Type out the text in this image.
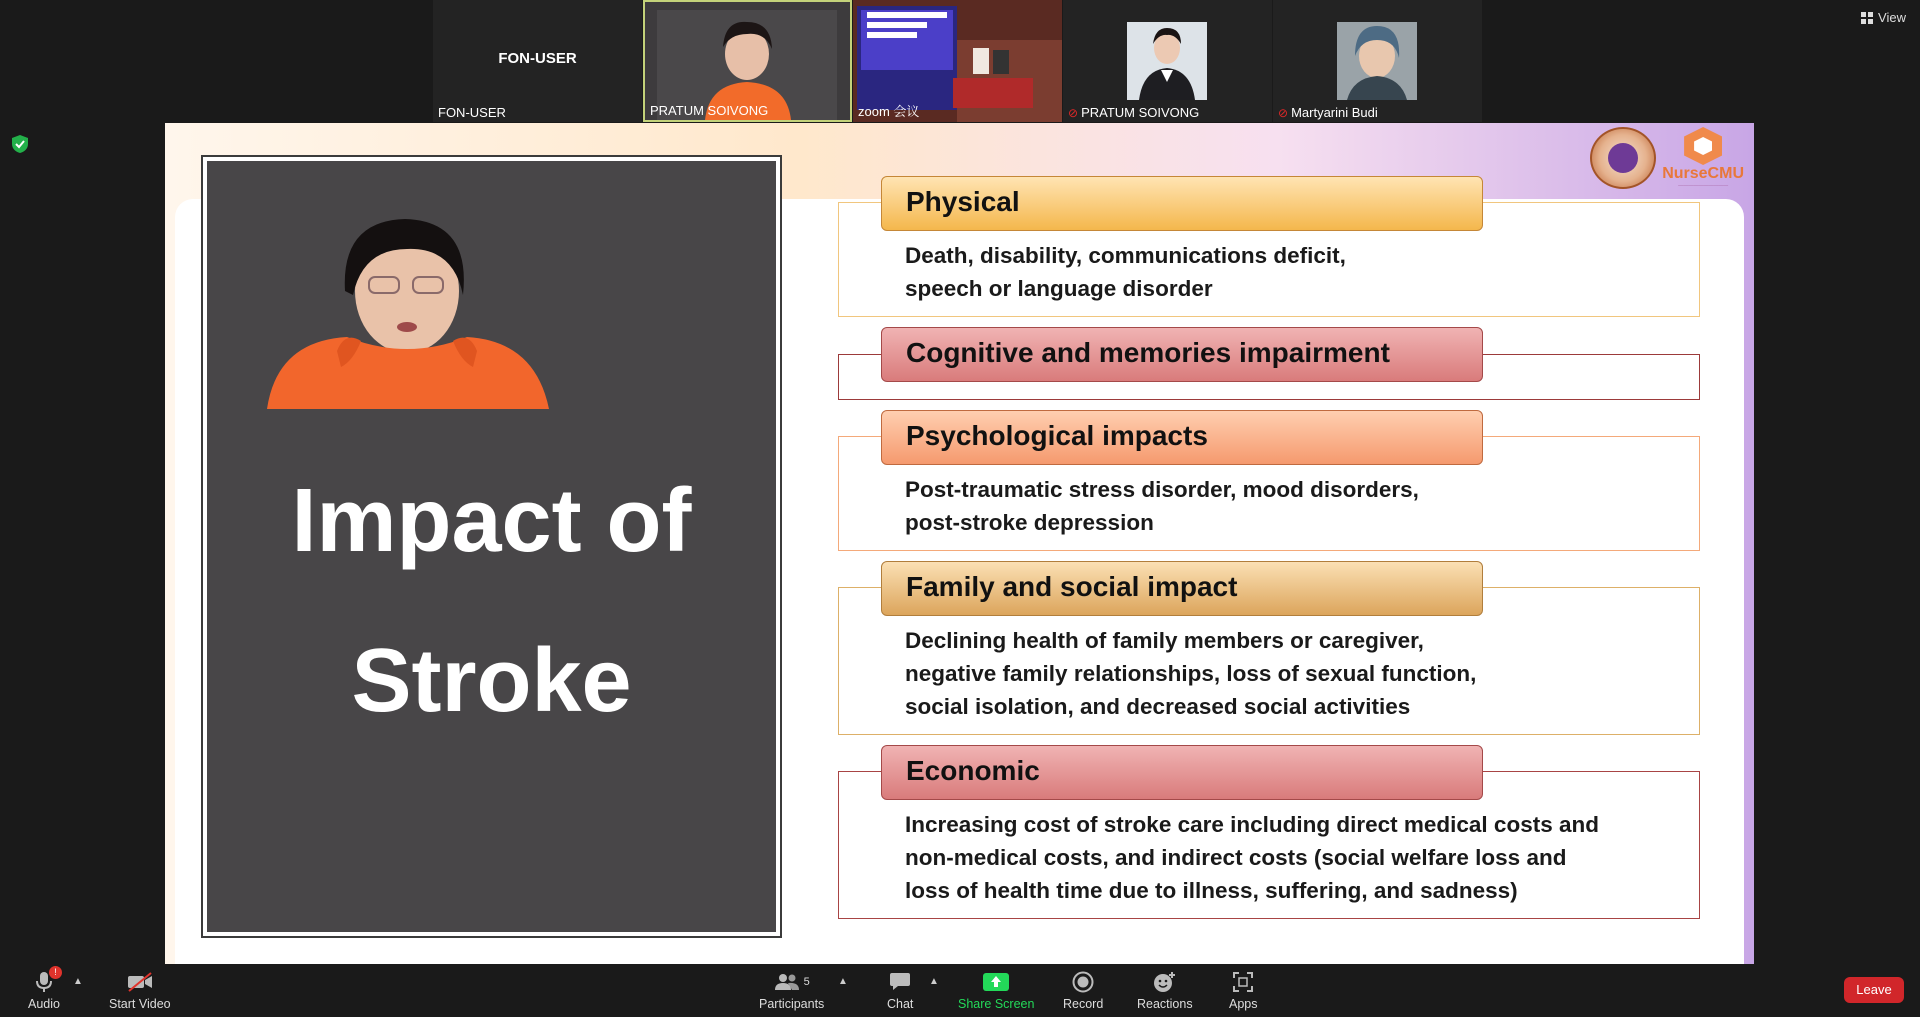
View
FON-USER
FON-USER	PRATUM SOIVONG	zoom 会议	⊘ PRATUM SOIVONG	⊘ Martyarini Budi
NurseCMU
——————————
Impact of
Stroke
Death, disability, communications deficit,
speech or language disorder
Physical
Cognitive and memories impairment
Post-traumatic stress disorder, mood disorders,
post-stroke depression
Psychological impacts
Declining health of family members or caregiver,
negative family relationships, loss of sexual function,
social isolation, and decreased social activities
Family and social impact
Increasing cost of stroke care including direct medical costs and
non-medical costs, and indirect costs (social welfare loss and
loss of health time due to illness, suffering, and sadness)
Economic
!
Audio
▲
Start Video
5
Participants
▲
Chat
▲
Share Screen Record	Reactions	Apps
Leave
